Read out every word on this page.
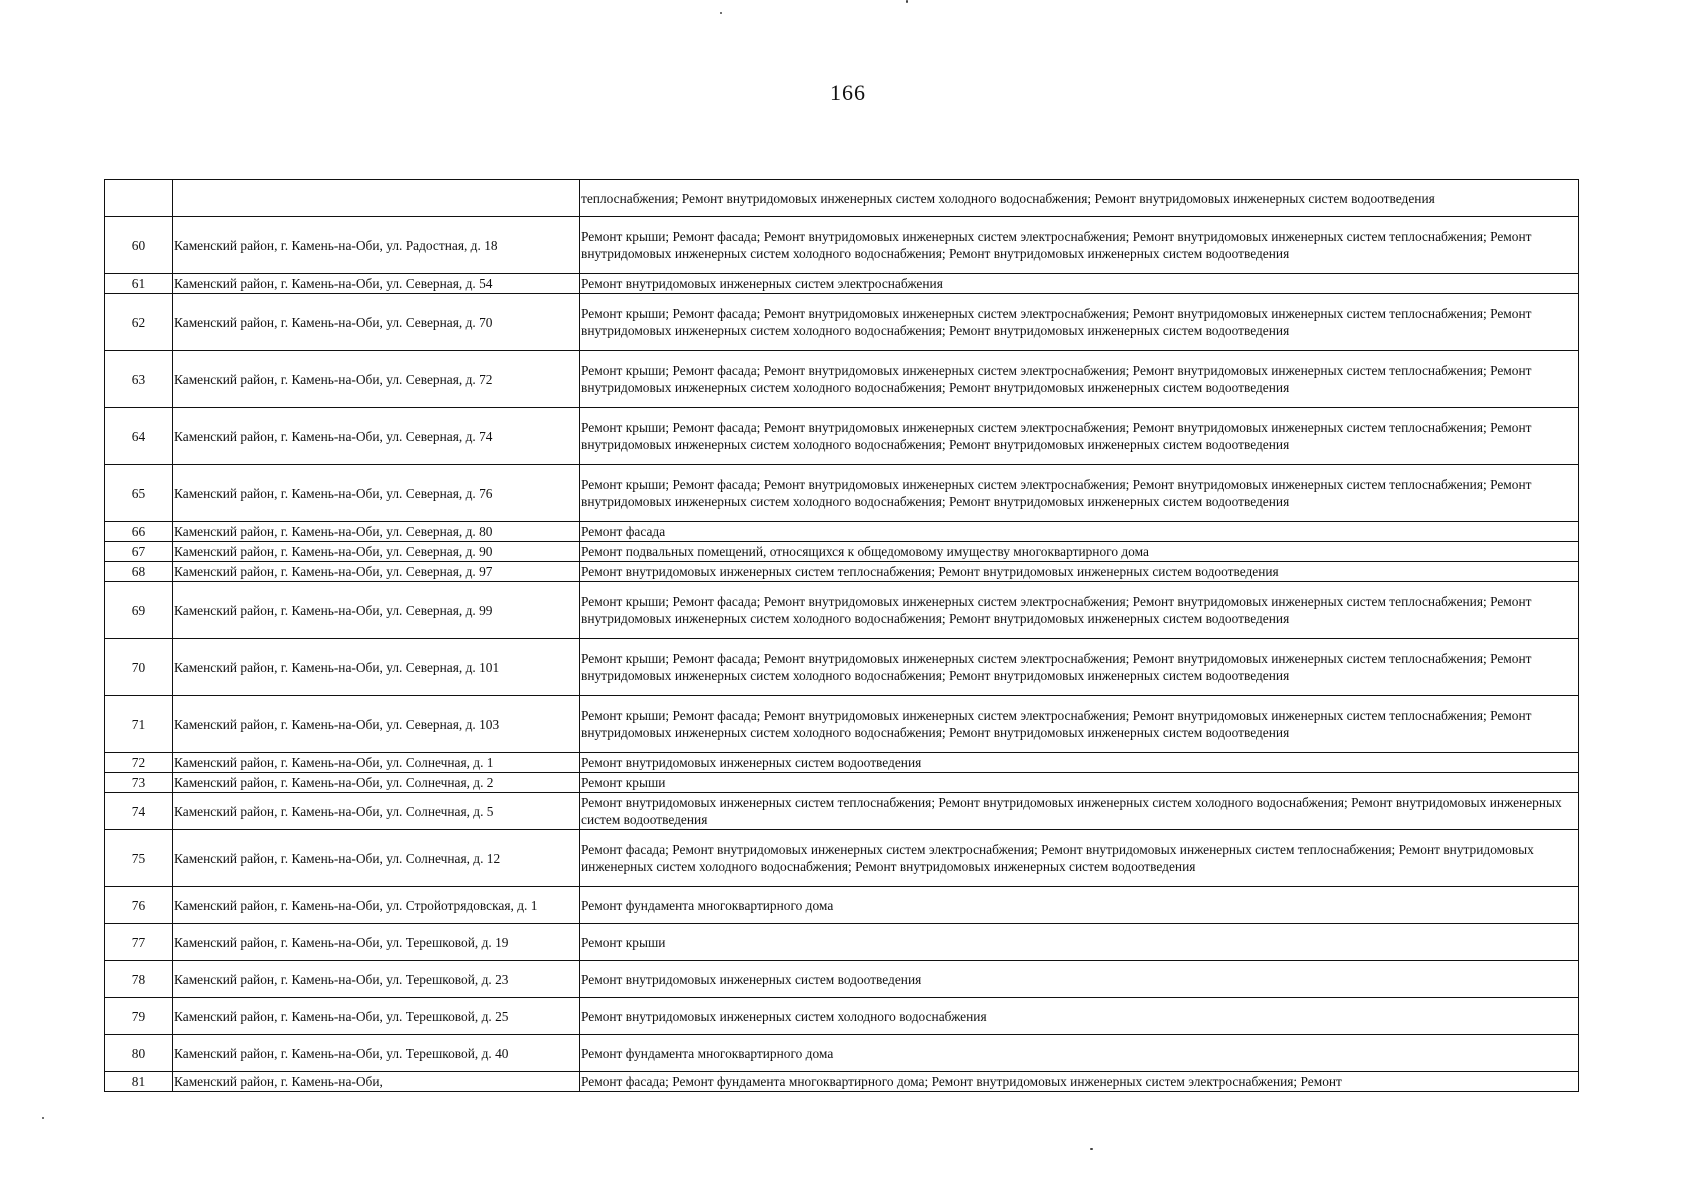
166
		теплоснабжения; Ремонт внутридомовых инженерных систем холодного водоснабжения; Ремонт внутридомовых инженерных систем водоотведения
60	Каменский район, г. Камень-на-Оби, ул. Радостная, д. 18	Ремонт крыши; Ремонт фасада; Ремонт внутридомовых инженерных систем электроснабжения; Ремонт внутридомовых инженерных систем теплоснабжения; Ремонт внутридомовых инженерных систем холодного водоснабжения; Ремонт внутридомовых инженерных систем водоотведения
61	Каменский район, г. Камень-на-Оби, ул. Северная, д. 54	Ремонт внутридомовых инженерных систем электроснабжения
62	Каменский район, г. Камень-на-Оби, ул. Северная, д. 70	Ремонт крыши; Ремонт фасада; Ремонт внутридомовых инженерных систем электроснабжения; Ремонт внутридомовых инженерных систем теплоснабжения; Ремонт внутридомовых инженерных систем холодного водоснабжения; Ремонт внутридомовых инженерных систем водоотведения
63	Каменский район, г. Камень-на-Оби, ул. Северная, д. 72	Ремонт крыши; Ремонт фасада; Ремонт внутридомовых инженерных систем электроснабжения; Ремонт внутридомовых инженерных систем теплоснабжения; Ремонт внутридомовых инженерных систем холодного водоснабжения; Ремонт внутридомовых инженерных систем водоотведения
64	Каменский район, г. Камень-на-Оби, ул. Северная, д. 74	Ремонт крыши; Ремонт фасада; Ремонт внутридомовых инженерных систем электроснабжения; Ремонт внутридомовых инженерных систем теплоснабжения; Ремонт внутридомовых инженерных систем холодного водоснабжения; Ремонт внутридомовых инженерных систем водоотведения
65	Каменский район, г. Камень-на-Оби, ул. Северная, д. 76	Ремонт крыши; Ремонт фасада; Ремонт внутридомовых инженерных систем электроснабжения; Ремонт внутридомовых инженерных систем теплоснабжения; Ремонт внутридомовых инженерных систем холодного водоснабжения; Ремонт внутридомовых инженерных систем водоотведения
66	Каменский район, г. Камень-на-Оби, ул. Северная, д. 80	Ремонт фасада
67	Каменский район, г. Камень-на-Оби, ул. Северная, д. 90	Ремонт подвальных помещений, относящихся к общедомовому имуществу многоквартирного дома
68	Каменский район, г. Камень-на-Оби, ул. Северная, д. 97	Ремонт внутридомовых инженерных систем теплоснабжения; Ремонт внутридомовых инженерных систем водоотведения
69	Каменский район, г. Камень-на-Оби, ул. Северная, д. 99	Ремонт крыши; Ремонт фасада; Ремонт внутридомовых инженерных систем электроснабжения; Ремонт внутридомовых инженерных систем теплоснабжения; Ремонт внутридомовых инженерных систем холодного водоснабжения; Ремонт внутридомовых инженерных систем водоотведения
70	Каменский район, г. Камень-на-Оби, ул. Северная, д. 101	Ремонт крыши; Ремонт фасада; Ремонт внутридомовых инженерных систем электроснабжения; Ремонт внутридомовых инженерных систем теплоснабжения; Ремонт внутридомовых инженерных систем холодного водоснабжения; Ремонт внутридомовых инженерных систем водоотведения
71	Каменский район, г. Камень-на-Оби, ул. Северная, д. 103	Ремонт крыши; Ремонт фасада; Ремонт внутридомовых инженерных систем электроснабжения; Ремонт внутридомовых инженерных систем теплоснабжения; Ремонт внутридомовых инженерных систем холодного водоснабжения; Ремонт внутридомовых инженерных систем водоотведения
72	Каменский район, г. Камень-на-Оби, ул. Солнечная, д. 1	Ремонт внутридомовых инженерных систем водоотведения
73	Каменский район, г. Камень-на-Оби, ул. Солнечная, д. 2	Ремонт крыши
74	Каменский район, г. Камень-на-Оби, ул. Солнечная, д. 5	Ремонт внутридомовых инженерных систем теплоснабжения; Ремонт внутридомовых инженерных систем холодного водоснабжения; Ремонт внутридомовых инженерных систем водоотведения
75	Каменский район, г. Камень-на-Оби, ул. Солнечная, д. 12	Ремонт фасада; Ремонт внутридомовых инженерных систем электроснабжения; Ремонт внутридомовых инженерных систем теплоснабжения; Ремонт внутридомовых инженерных систем холодного водоснабжения; Ремонт внутридомовых инженерных систем водоотведения
76	Каменский район, г. Камень-на-Оби, ул. Стройотрядовская, д. 1	Ремонт фундамента многоквартирного дома
77	Каменский район, г. Камень-на-Оби, ул. Терешковой, д. 19	Ремонт крыши
78	Каменский район, г. Камень-на-Оби, ул. Терешковой, д. 23	Ремонт внутридомовых инженерных систем водоотведения
79	Каменский район, г. Камень-на-Оби, ул. Терешковой, д. 25	Ремонт внутридомовых инженерных систем холодного водоснабжения
80	Каменский район, г. Камень-на-Оби, ул. Терешковой, д. 40	Ремонт фундамента многоквартирного дома
81	Каменский район, г. Камень-на-Оби,	Ремонт фасада; Ремонт фундамента многоквартирного дома; Ремонт внутридомовых инженерных систем электроснабжения; Ремонт
